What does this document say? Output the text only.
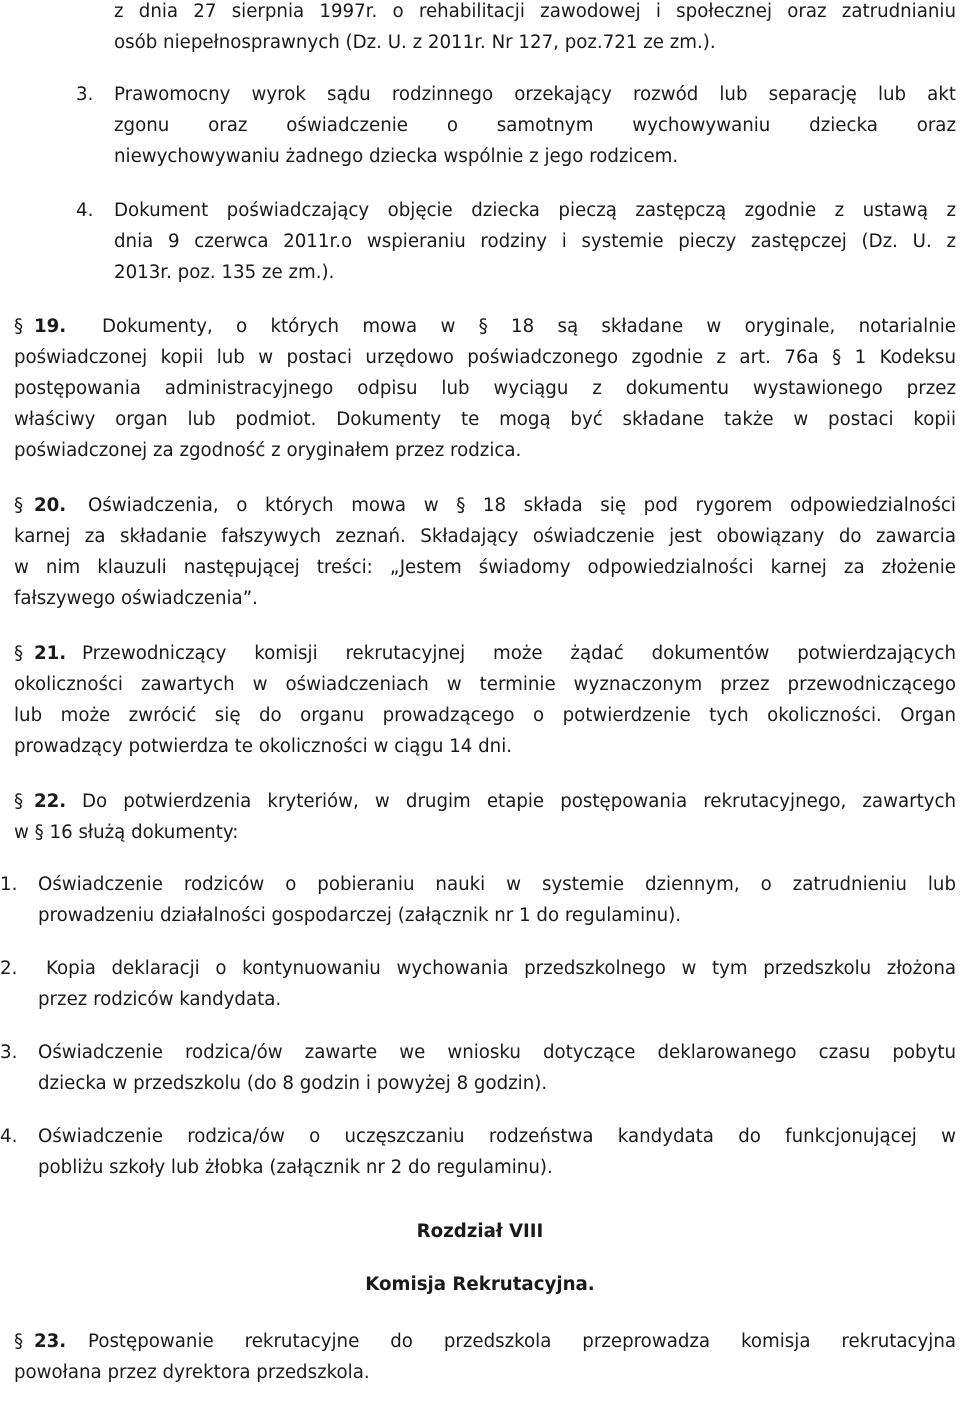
z dnia 27 sierpnia 1997r. o rehabilitacji zawodowej i społecznej oraz zatrudnianiu
osób niepełnosprawnych (Dz. U. z 2011r. Nr 127, poz.721 ze zm.).
3. Prawomocny wyrok sądu rodzinnego orzekający rozwód lub separację lub akt
zgonu oraz oświadczenie o samotnym wychowywaniu dziecka oraz
niewychowywaniu żadnego dziecka wspólnie z jego rodzicem.
4. Dokument poświadczający objęcie dziecka pieczą zastępczą zgodnie z ustawą z
dnia 9 czerwca 2011r.o wspieraniu rodziny i systemie pieczy zastępczej (Dz. U. z
2013r. poz. 135 ze zm.).
§ 19.	Dokumenty, o których mowa w § 18 są składane w oryginale, notarialnie
poświadczonej kopii lub w postaci urzędowo poświadczonego zgodnie z art. 76a § 1 Kodeksu
postępowania administracyjnego odpisu lub wyciągu z dokumentu wystawionego przez
właściwy organ lub podmiot. Dokumenty te mogą być składane także w postaci kopii
poświadczonej za zgodność z oryginałem przez rodzica.
§ 20.	Oświadczenia, o których mowa w § 18 składa się pod rygorem odpowiedzialności
karnej za składanie fałszywych zeznań. Składający oświadczenie jest obowiązany do zawarcia
w nim klauzuli następującej treści: „Jestem świadomy odpowiedzialności karnej za złożenie
fałszywego oświadczenia”.
§ 21. Przewodniczący komisji rekrutacyjnej może żądać dokumentów potwierdzających
okoliczności zawartych w oświadczeniach w terminie wyznaczonym przez przewodniczącego
lub może zwrócić się do organu prowadzącego o potwierdzenie tych okoliczności. Organ
prowadzący potwierdza te okoliczności w ciągu 14 dni.
§ 22. Do potwierdzenia kryteriów, w drugim etapie postępowania rekrutacyjnego, zawartych
w § 16 służą dokumenty:
1. Oświadczenie rodziców o pobieraniu nauki w systemie dziennym, o zatrudnieniu lub
prowadzeniu działalności gospodarczej (załącznik nr 1 do regulaminu).
2.	Kopia deklaracji o kontynuowaniu wychowania przedszkolnego w tym przedszkolu złożona
przez rodziców kandydata.
3. Oświadczenie rodzica/ów zawarte we wniosku dotyczące deklarowanego czasu pobytu
dziecka w przedszkolu (do 8 godzin i powyżej 8 godzin).
4. Oświadczenie rodzica/ów o uczęszczaniu rodzeństwa kandydata do funkcjonującej w
pobliżu szkoły lub żłobka (załącznik nr 2 do regulaminu).

Rozdział VIII

Komisja Rekrutacyjna.

§ 23.	Postępowanie rekrutacyjne do przedszkola przeprowadza komisja rekrutacyjna
powołana przez dyrektora przedszkola.
